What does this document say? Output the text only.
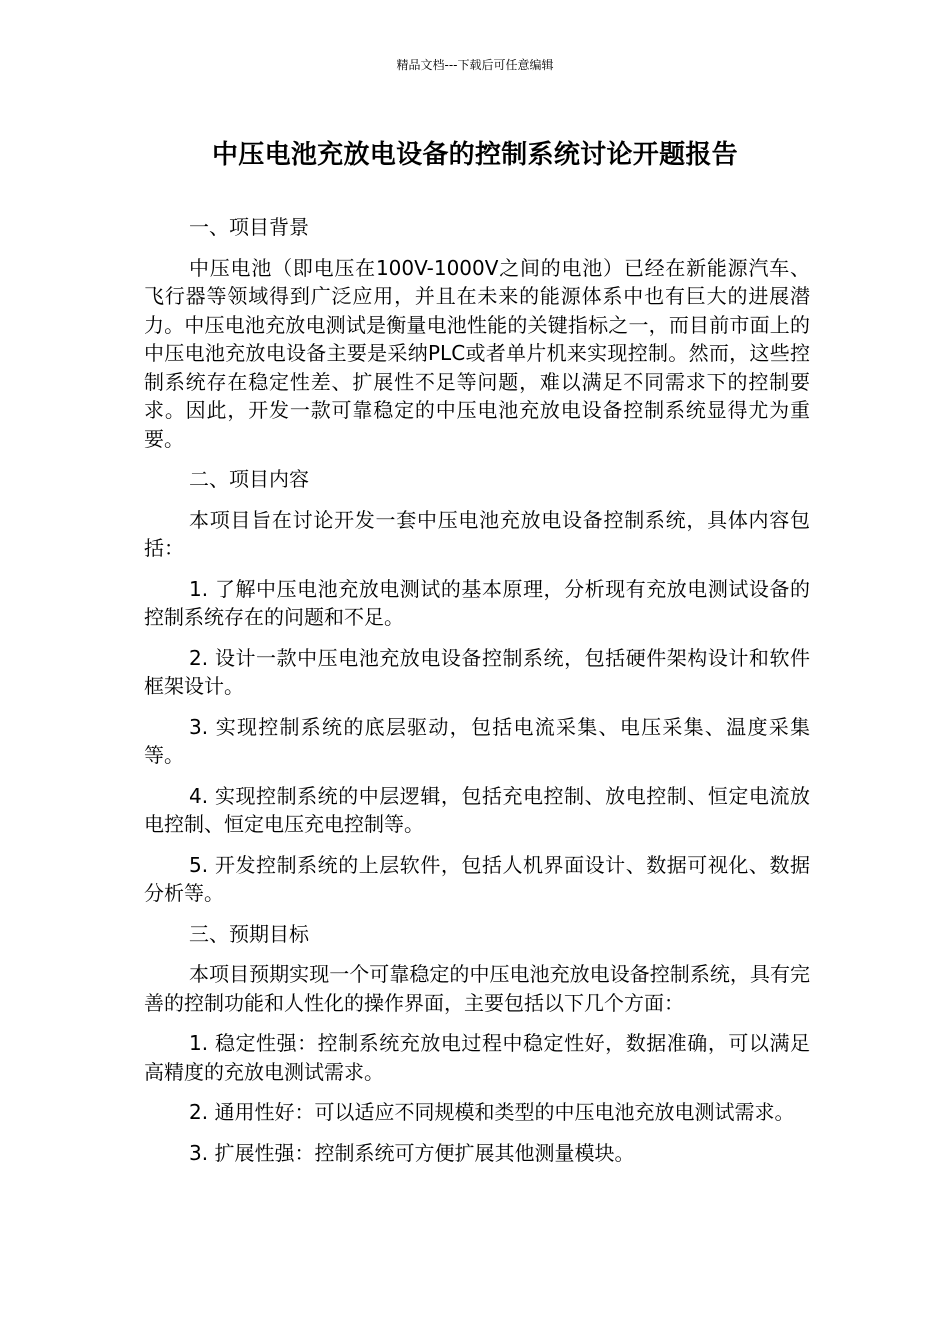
精品文档---下载后可任意编辑
中压电池充放电设备的控制系统讨论开题报告

一、项目背景

中压电池（即电压在100V-1000V之间的电池）已经在新能源汽车、飞行器等领域得到广泛应用，并且在未来的能源体系中也有巨大的进展潜力。中压电池充放电测试是衡量电池性能的关键指标之一，而目前市面上的中压电池充放电设备主要是采纳PLC或者单片机来实现控制。然而，这些控制系统存在稳定性差、扩展性不足等问题，难以满足不同需求下的控制要求。因此，开发一款可靠稳定的中压电池充放电设备控制系统显得尤为重要。

二、项目内容

本项目旨在讨论开发一套中压电池充放电设备控制系统，具体内容包括：

1. 了解中压电池充放电测试的基本原理，分析现有充放电测试设备的控制系统存在的问题和不足。

2. 设计一款中压电池充放电设备控制系统，包括硬件架构设计和软件框架设计。

3. 实现控制系统的底层驱动，包括电流采集、电压采集、温度采集等。

4. 实现控制系统的中层逻辑，包括充电控制、放电控制、恒定电流放电控制、恒定电压充电控制等。

5. 开发控制系统的上层软件，包括人机界面设计、数据可视化、数据分析等。

三、预期目标

本项目预期实现一个可靠稳定的中压电池充放电设备控制系统，具有完善的控制功能和人性化的操作界面，主要包括以下几个方面：

1. 稳定性强：控制系统充放电过程中稳定性好，数据准确，可以满足高精度的充放电测试需求。

2. 通用性好：可以适应不同规模和类型的中压电池充放电测试需求。

3. 扩展性强：控制系统可方便扩展其他测量模块。
